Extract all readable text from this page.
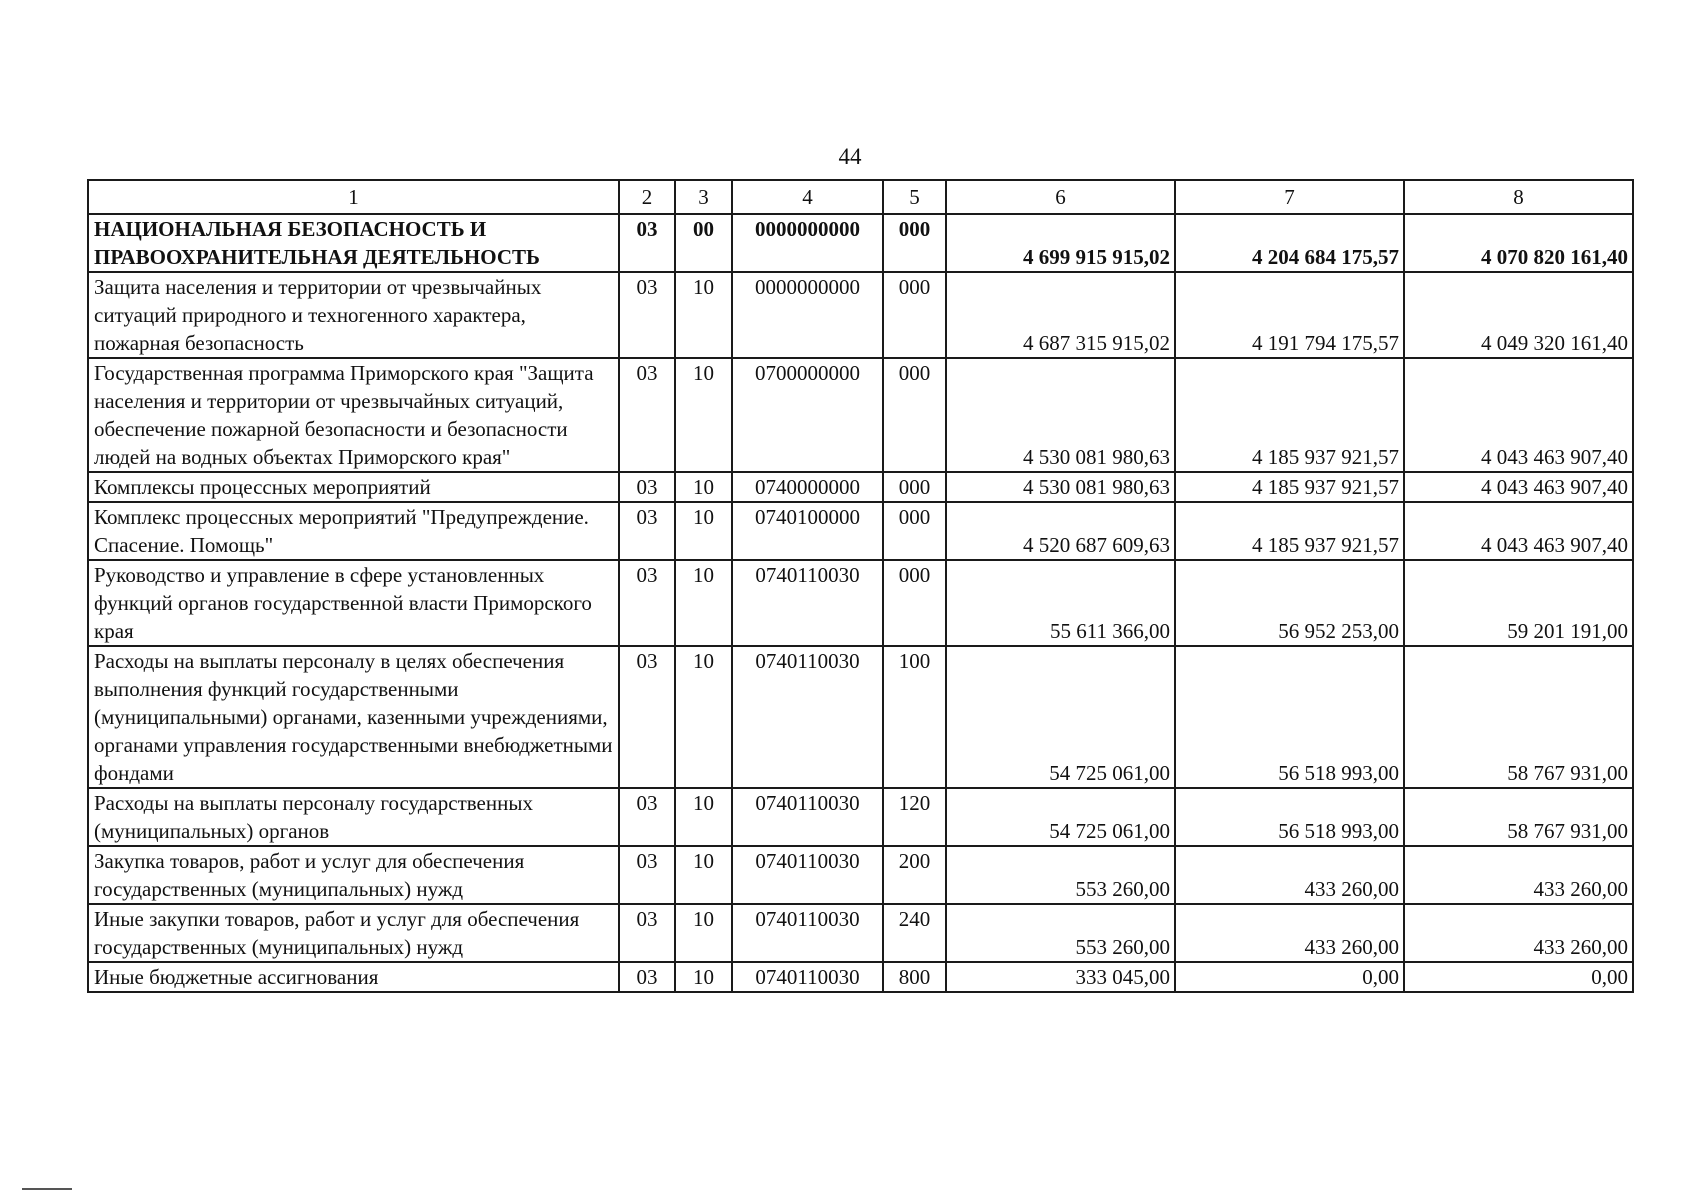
44
1	2	3	4	5	6	7	8
НАЦИОНАЛЬНАЯ БЕЗОПАСНОСТЬ И ПРАВООХРАНИТЕЛЬНАЯ ДЕЯТЕЛЬНОСТЬ	03	00	0000000000	000	4 699 915 915,02	4 204 684 175,57	4 070 820 161,40
Защита населения и территории от чрезвычайных ситуаций природного и техногенного характера, пожарная безопасность	03	10	0000000000	000	4 687 315 915,02	4 191 794 175,57	4 049 320 161,40
Государственная программа Приморского края "Защита населения и территории от чрезвычайных ситуаций, обеспечение пожарной безопасности и безопасности людей на водных объектах Приморского края"	03	10	0700000000	000	4 530 081 980,63	4 185 937 921,57	4 043 463 907,40
Комплексы процессных мероприятий	03	10	0740000000	000	4 530 081 980,63	4 185 937 921,57	4 043 463 907,40
Комплекс процессных мероприятий "Предупреждение. Спасение. Помощь"	03	10	0740100000	000	4 520 687 609,63	4 185 937 921,57	4 043 463 907,40
Руководство и управление в сфере установленных функций органов государственной власти Приморского края	03	10	0740110030	000	55 611 366,00	56 952 253,00	59 201 191,00
Расходы на выплаты персоналу в целях обеспечения выполнения функций государственными (муниципальными) органами, казенными учреждениями, органами управления государственными внебюджетными фондами	03	10	0740110030	100	54 725 061,00	56 518 993,00	58 767 931,00
Расходы на выплаты персоналу государственных (муниципальных) органов	03	10	0740110030	120	54 725 061,00	56 518 993,00	58 767 931,00
Закупка товаров, работ и услуг для обеспечения государственных (муниципальных) нужд	03	10	0740110030	200	553 260,00	433 260,00	433 260,00
Иные закупки товаров, работ и услуг для обеспечения государственных (муниципальных) нужд	03	10	0740110030	240	553 260,00	433 260,00	433 260,00
Иные бюджетные ассигнования	03	10	0740110030	800	333 045,00	0,00	0,00
